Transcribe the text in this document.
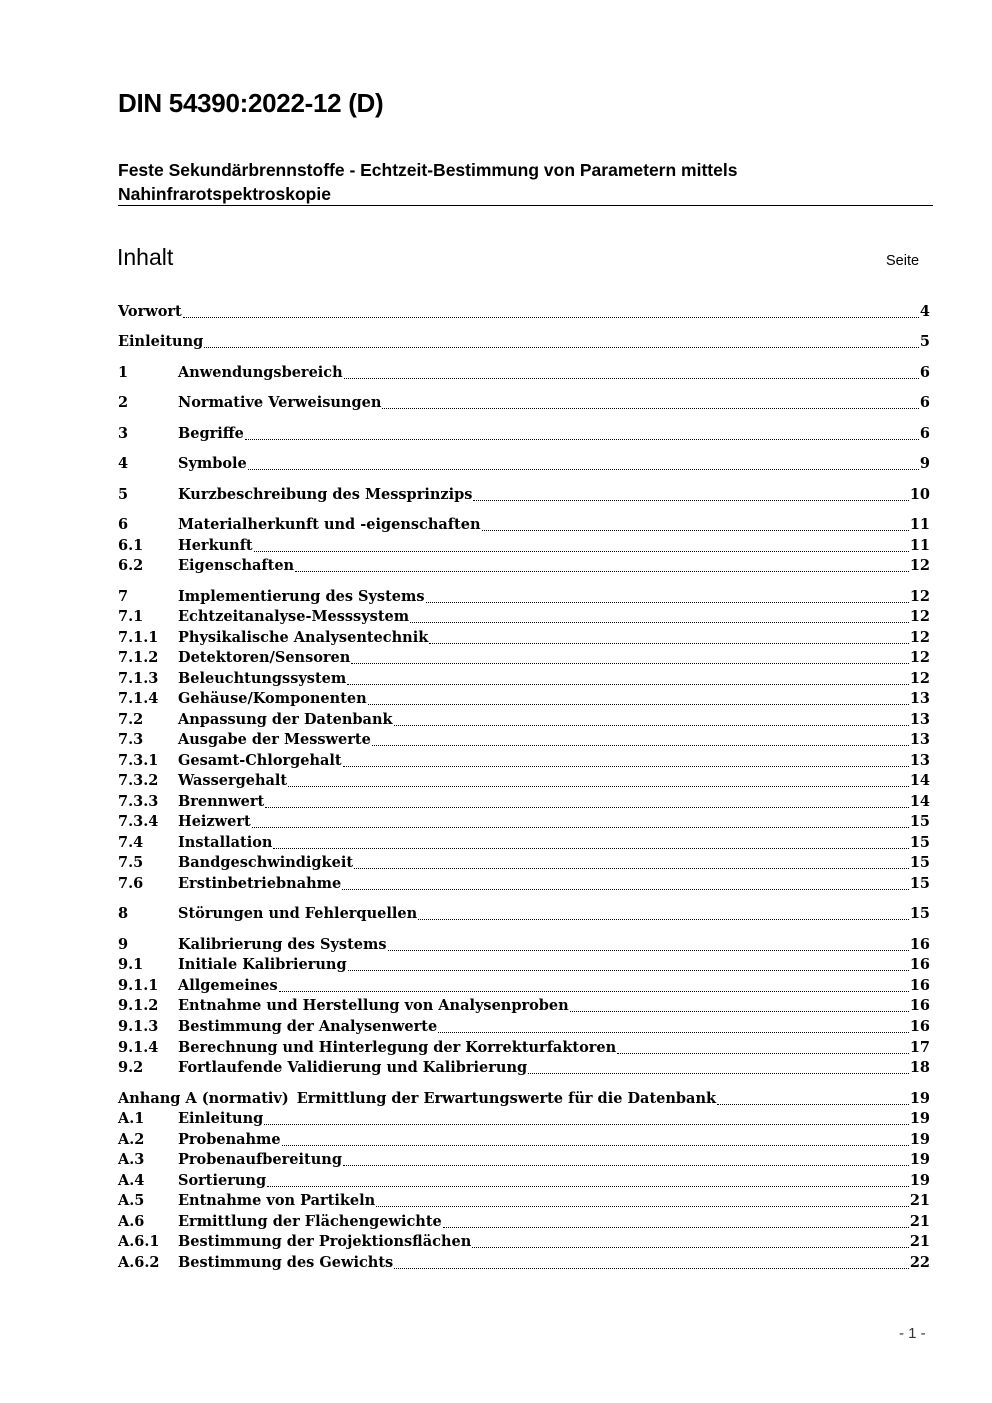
DIN 54390:2022-12 (D)
Feste Sekundärbrennstoffe - Echtzeit-Bestimmung von Parametern mittels
Nahinfrarotspektroskopie
Inhalt	Seite
Vorwort	4
Einleitung	5
1	Anwendungsbereich	6
2	Normative Verweisungen	6
3	Begriffe	6
4	Symbole	9
5	Kurzbeschreibung des Messprinzips	10
6	Materialherkunft und -eigenschaften	11
6.1	Herkunft	11
6.2	Eigenschaften	12
7	Implementierung des Systems	12
7.1	Echtzeitanalyse-Messsystem	12
7.1.1	Physikalische Analysentechnik	12
7.1.2	Detektoren/Sensoren	12
7.1.3	Beleuchtungssystem	12
7.1.4	Gehäuse/Komponenten	13
7.2	Anpassung der Datenbank	13
7.3	Ausgabe der Messwerte	13
7.3.1	Gesamt-Chlorgehalt	13
7.3.2	Wassergehalt	14
7.3.3	Brennwert	14
7.3.4	Heizwert	15
7.4	Installation	15
7.5	Bandgeschwindigkeit	15
7.6	Erstinbetriebnahme	15
8	Störungen und Fehlerquellen	15
9	Kalibrierung des Systems	16
9.1	Initiale Kalibrierung	16
9.1.1	Allgemeines	16
9.1.2	Entnahme und Herstellung von Analysenproben	16
9.1.3	Bestimmung der Analysenwerte	16
9.1.4	Berechnung und Hinterlegung der Korrekturfaktoren	17
9.2	Fortlaufende Validierung und Kalibrierung	18
Anhang A (normativ) Ermittlung der Erwartungswerte für die Datenbank	19
A.1	Einleitung	19
A.2	Probenahme	19
A.3	Probenaufbereitung	19
A.4	Sortierung	19
A.5	Entnahme von Partikeln	21
A.6	Ermittlung der Flächengewichte	21
A.6.1	Bestimmung der Projektionsflächen	21
A.6.2	Bestimmung des Gewichts	22
- 1 -
